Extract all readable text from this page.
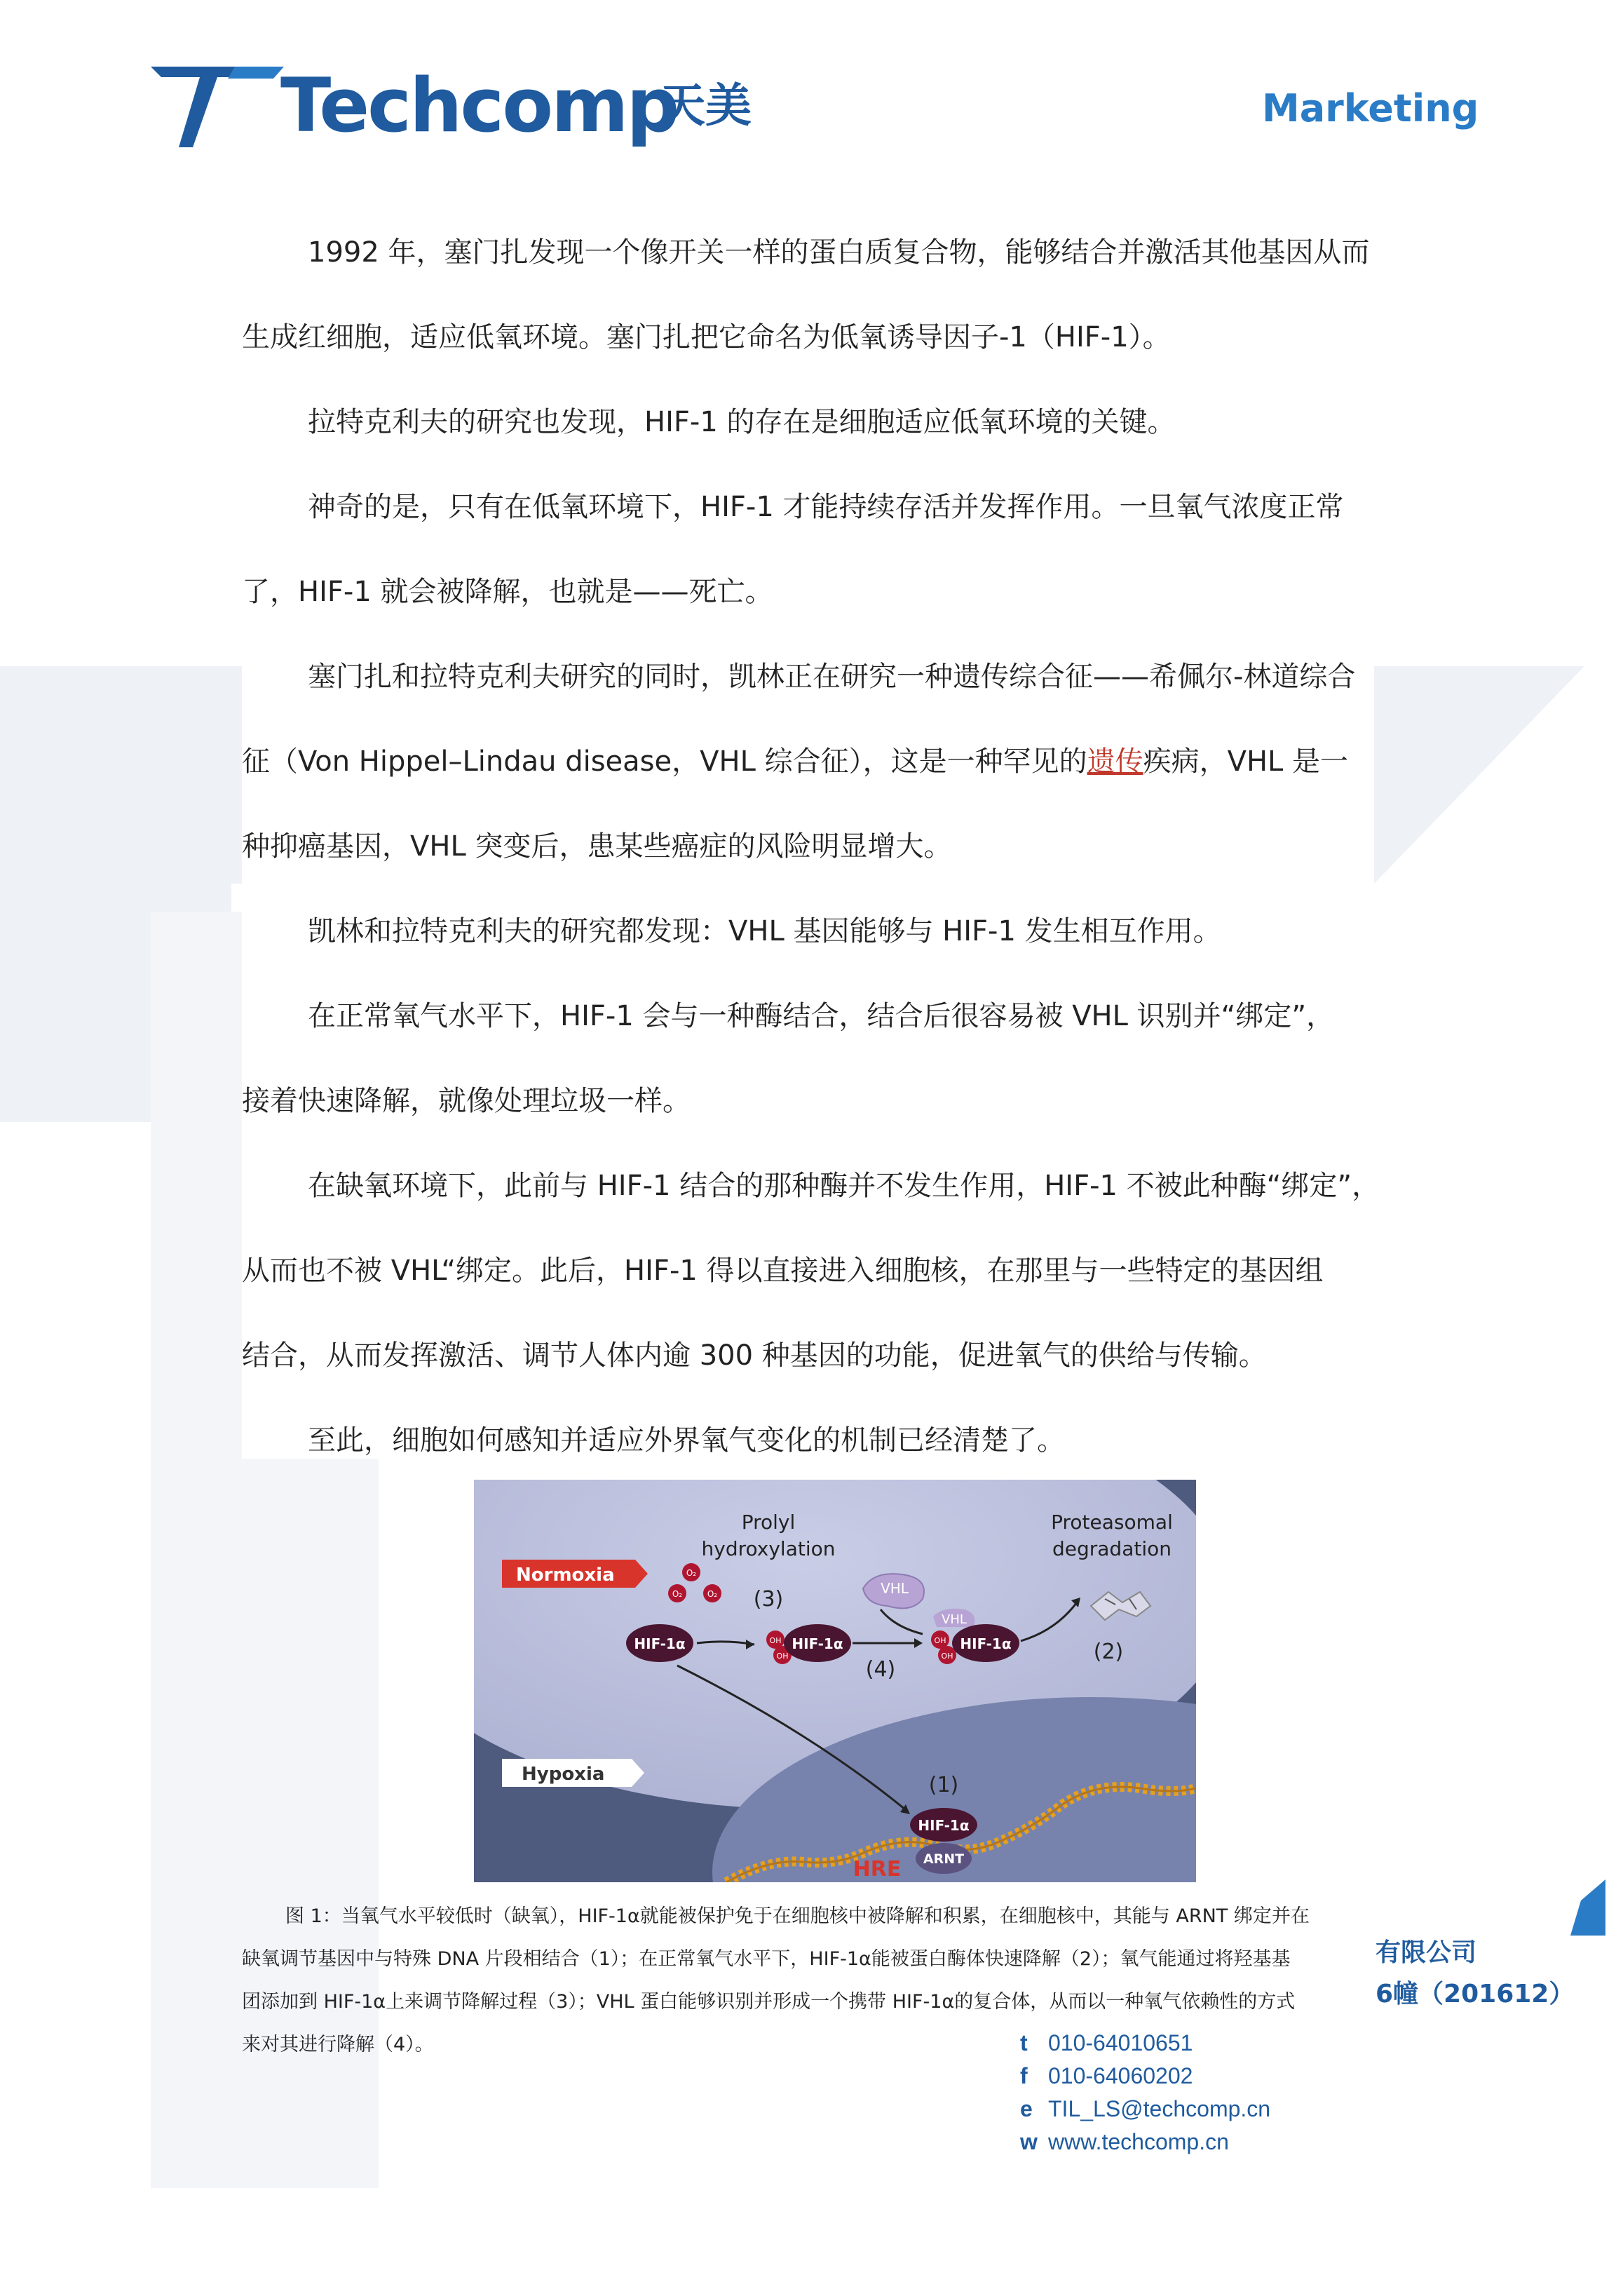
Techcomp
天美	Marketing

1992 年，塞门扎发现一个像开关一样的蛋白质复合物，能够结合并激活其他基因从而

生成红细胞，适应低氧环境。塞门扎把它命名为低氧诱导因子-1（HIF-1）。

拉特克利夫的研究也发现，HIF-1 的存在是细胞适应低氧环境的关键。

神奇的是，只有在低氧环境下，HIF-1 才能持续存活并发挥作用。一旦氧气浓度正常

了，HIF-1 就会被降解，也就是——死亡。

塞门扎和拉特克利夫研究的同时，凯林正在研究一种遗传综合征——希佩尔-林道综合

征（Von Hippel–Lindau disease，VHL 综合征），这是一种罕见的遗传疾病，VHL 是一

种抑癌基因，VHL 突变后，患某些癌症的风险明显增大。

凯林和拉特克利夫的研究都发现：VHL 基因能够与 HIF-1 发生相互作用。

在正常氧气水平下，HIF-1 会与一种酶结合，结合后很容易被 VHL 识别并“绑定”，

接着快速降解，就像处理垃圾一样。

在缺氧环境下，此前与 HIF-1 结合的那种酶并不发生作用，HIF-1 不被此种酶“绑定”，

从而也不被 VHL“绑定。此后，HIF-1 得以直接进入细胞核，在那里与一些特定的基因组

结合，从而发挥激活、调节人体内逾 300 种基因的功能，促进氧气的供给与传输。

至此，细胞如何感知并适应外界氧气变化的机制已经清楚了。

Normoxia
Hypoxia
Prolyl
hydroxylation
Proteasomal
degradation
O₂
O₂	O₂ (3)
(4)
(2)
(1)
HIF-1α	OH
OH
HIF-1α
VHL
VHL
OH
OH
HIF-1α
HIF-1α
ARNT
HRE

图 1：当氧气水平较低时（缺氧），HIF-1α就能被保护免于在细胞核中被降解和积累，在细胞核中，其能与 ARNT 绑定并在

缺氧调节基因中与特殊 DNA 片段相结合（1）；在正常氧气水平下，HIF-1α能被蛋白酶体快速降解（2）；氧气能通过将羟基基

团添加到 HIF-1α上来调节降解过程（3）；VHL 蛋白能够识别并形成一个携带 HIF-1α的复合体，从而以一种氧气依赖性的方式

来对其进行降解（4）。

有限公司
6幢（201612）
t 010-64010651
f 010-64060202
e TIL_LS@techcomp.cn
w www.techcomp.cn
